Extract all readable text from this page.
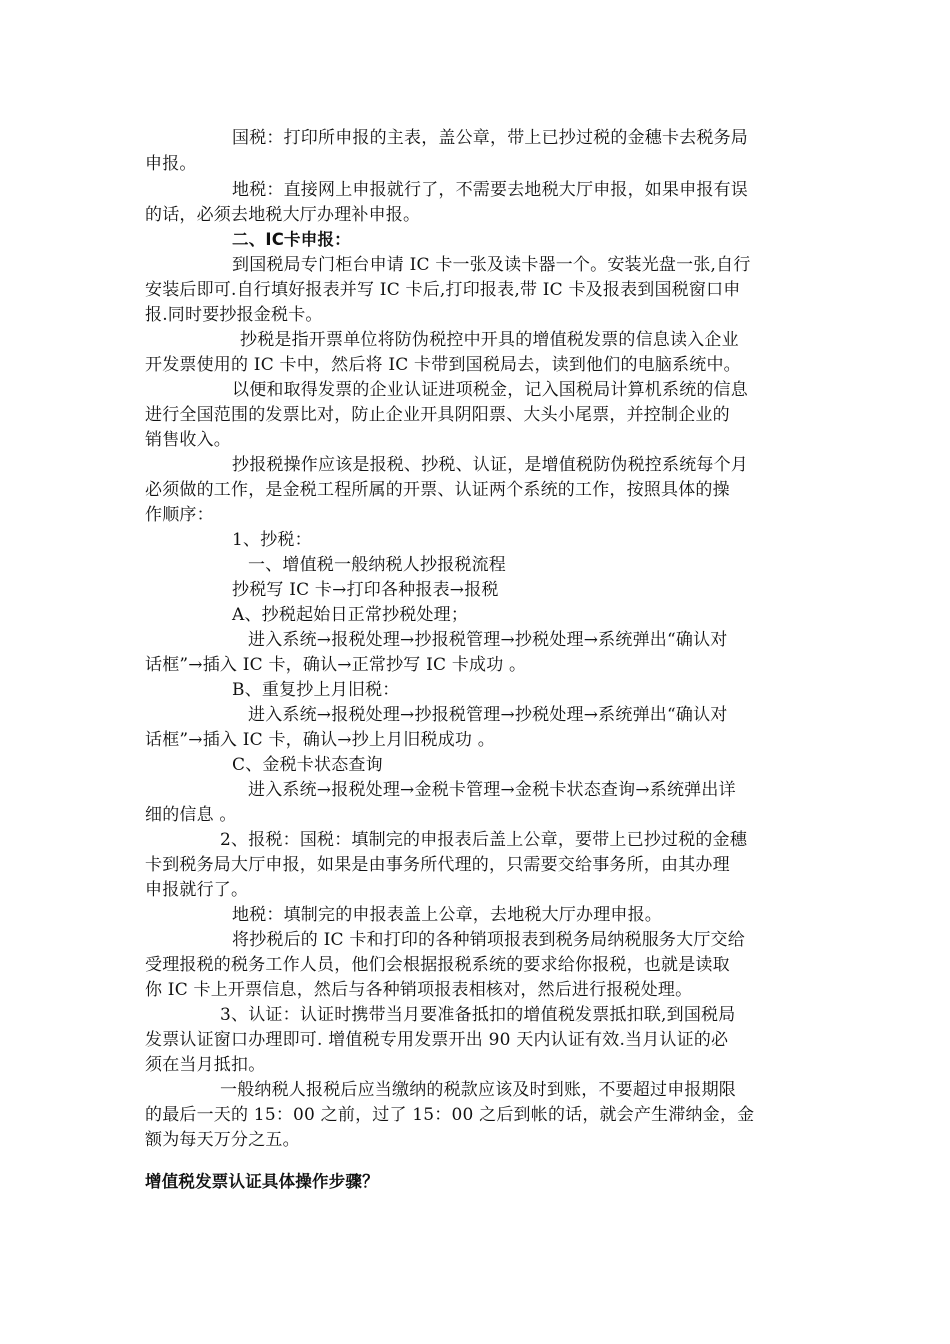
国税：打印所申报的主表，盖公章，带上已抄过税的金穗卡去税务局
申报。
地税：直接网上申报就行了，不需要去地税大厅申报，如果申报有误
的话，必须去地税大厅办理补申报。
二、IC卡申报：
到国税局专门柜台申请 IC 卡一张及读卡器一个。安装光盘一张,自行
安装后即可.自行填好报表并写 IC 卡后,打印报表,带 IC 卡及报表到国税窗口申
报.同时要抄报金税卡。
抄税是指开票单位将防伪税控中开具的增值税发票的信息读入企业
开发票使用的 IC 卡中，然后将 IC 卡带到国税局去，读到他们的电脑系统中。
以便和取得发票的企业认证进项税金，记入国税局计算机系统的信息
进行全国范围的发票比对，防止企业开具阴阳票、大头小尾票，并控制企业的
销售收入。
抄报税操作应该是报税、抄税、认证，是增值税防伪税控系统每个月
必须做的工作，是金税工程所属的开票、认证两个系统的工作，按照具体的操
作顺序：
1、抄税：
一、增值税一般纳税人抄报税流程
抄税写 IC 卡→打印各种报表→报税
A、抄税起始日正常抄税处理；
进入系统→报税处理→抄报税管理→抄税处理→系统弹出“确认对
话框”→插入 IC 卡，确认→正常抄写 IC 卡成功 。
B、重复抄上月旧税：
进入系统→报税处理→抄报税管理→抄税处理→系统弹出“确认对
话框”→插入 IC 卡，确认→抄上月旧税成功 。
C、金税卡状态查询
进入系统→报税处理→金税卡管理→金税卡状态查询→系统弹出详
细的信息 。
2、报税：国税：填制完的申报表后盖上公章，要带上已抄过税的金穗
卡到税务局大厅申报，如果是由事务所代理的，只需要交给事务所，由其办理
申报就行了。
地税：填制完的申报表盖上公章，去地税大厅办理申报。
将抄税后的 IC 卡和打印的各种销项报表到税务局纳税服务大厅交给
受理报税的税务工作人员，他们会根据报税系统的要求给你报税，也就是读取
你 IC 卡上开票信息，然后与各种销项报表相核对，然后进行报税处理。
3、认证：认证时携带当月要准备抵扣的增值税发票抵扣联,到国税局
发票认证窗口办理即可. 增值税专用发票开出 90 天内认证有效.当月认证的必
须在当月抵扣。
一般纳税人报税后应当缴纳的税款应该及时到账，不要超过申报期限
的最后一天的 15：00 之前，过了 15：00 之后到帐的话，就会产生滞纳金，金
额为每天万分之五。
增值税发票认证具体操作步骤？
